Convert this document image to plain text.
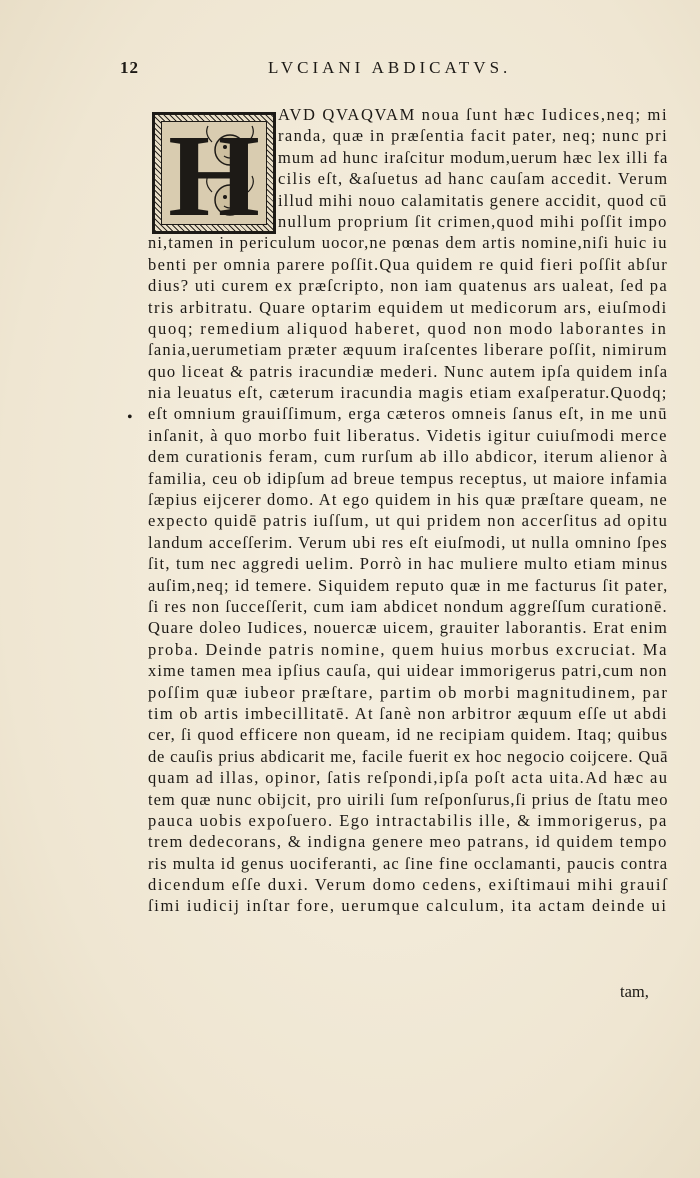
12	LVCIANI ABDICATVS.
H
•
AVD QVAQVAM noua ſunt hæc Iudices,neq; mi
randa, quæ in præſentia facit pater, neq; nunc pri
mum ad hunc iraſcitur modum,uerum hæc lex illi fa
cilis eſt, &aſuetus ad hanc cauſam accedit. Verum
illud mihi nouo calamitatis genere accidit, quod cū
nullum proprium ſit crimen,quod mihi poſſit impo
ni,tamen in periculum uocor,ne pœnas dem artis nomine,niſi huic iu
benti per omnia parere poſſit.Qua quidem re quid fieri poſſit abſur
dius? uti curem ex præſcripto, non iam quatenus ars ualeat, ſed pa
tris arbitratu. Quare optarim equidem ut medicorum ars, eiuſmodi
quoq; remedium aliquod haberet, quod non modo laborantes in
ſania,uerumetiam præter æquum iraſcentes liberare poſſit, nimirum
quo liceat & patris iracundiæ mederi. Nunc autem ipſa quidem inſa
nia leuatus eſt, cæterum iracundia magis etiam exaſperatur.Quodq;
eſt omnium grauiſſimum, erga cæteros omneis ſanus eſt, in me unū
inſanit, à quo morbo fuit liberatus. Videtis igitur cuiuſmodi merce
dem curationis feram, cum rurſum ab illo abdicor, iterum alienor à
familia, ceu ob idipſum ad breue tempus receptus, ut maiore infamia
ſæpius eijcerer domo. At ego quidem in his quæ præſtare queam, ne
expecto quidē patris iuſſum, ut qui pridem non accerſitus ad opitu
landum acceſſerim. Verum ubi res eſt eiuſmodi, ut nulla omnino ſpes
ſit, tum nec aggredi uelim. Porrò in hac muliere multo etiam minus
auſim,neq; id temere. Siquidem reputo quæ in me facturus ſit pater,
ſi res non ſucceſſerit, cum iam abdicet nondum aggreſſum curationē.
Quare doleo Iudices, nouercæ uicem, grauiter laborantis. Erat enim
proba. Deinde patris nomine, quem huius morbus excruciat. Ma
xime tamen mea ipſius cauſa, qui uidear immorigerus patri,cum non
poſſim quæ iubeor præſtare, partim ob morbi magnitudinem, par
tim ob artis imbecillitatē. At ſanè non arbitror æquum eſſe ut abdi
cer, ſi quod efficere non queam, id ne recipiam quidem. Itaq; quibus
de cauſis prius abdicarit me, facile fuerit ex hoc negocio coijcere. Quā
quam ad illas, opinor, ſatis reſpondi,ipſa poſt acta uita.Ad hæc au
tem quæ nunc obijcit, pro uirili ſum reſponſurus,ſi prius de ſtatu meo
pauca uobis expoſuero. Ego intractabilis ille, & immorigerus, pa
trem dedecorans, & indigna genere meo patrans, id quidem tempo
ris multa id genus uociferanti, ac ſine fine occlamanti, paucis contra
dicendum eſſe duxi. Verum domo cedens, exiſtimaui mihi grauiſ
ſimi iudicij inſtar fore, uerumque calculum, ita actam deinde ui
tam,
